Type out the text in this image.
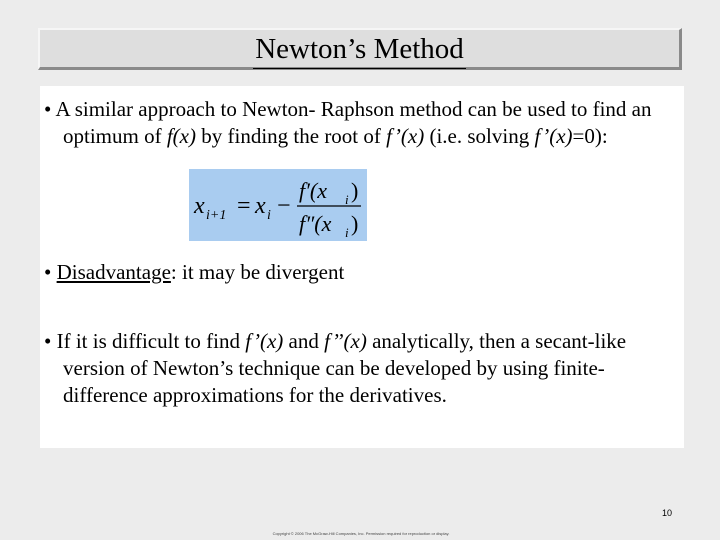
Newton’s Method
• A similar approach to Newton- Raphson method can be used to find an optimum of f(x) by finding the root of f’(x) (i.e. solving f’(x)=0):
x i+1 = x i −
f′(x i )
f″(x i )
• Disadvantage: it may be divergent
• If it is difficult to find f’(x) and f’’(x) analytically, then a secant-like version of Newton’s technique can be developed by using finite-difference approximations for the derivatives.
10
Copyright © 2006 The McGraw-Hill Companies, Inc. Permission required for reproduction or display.
